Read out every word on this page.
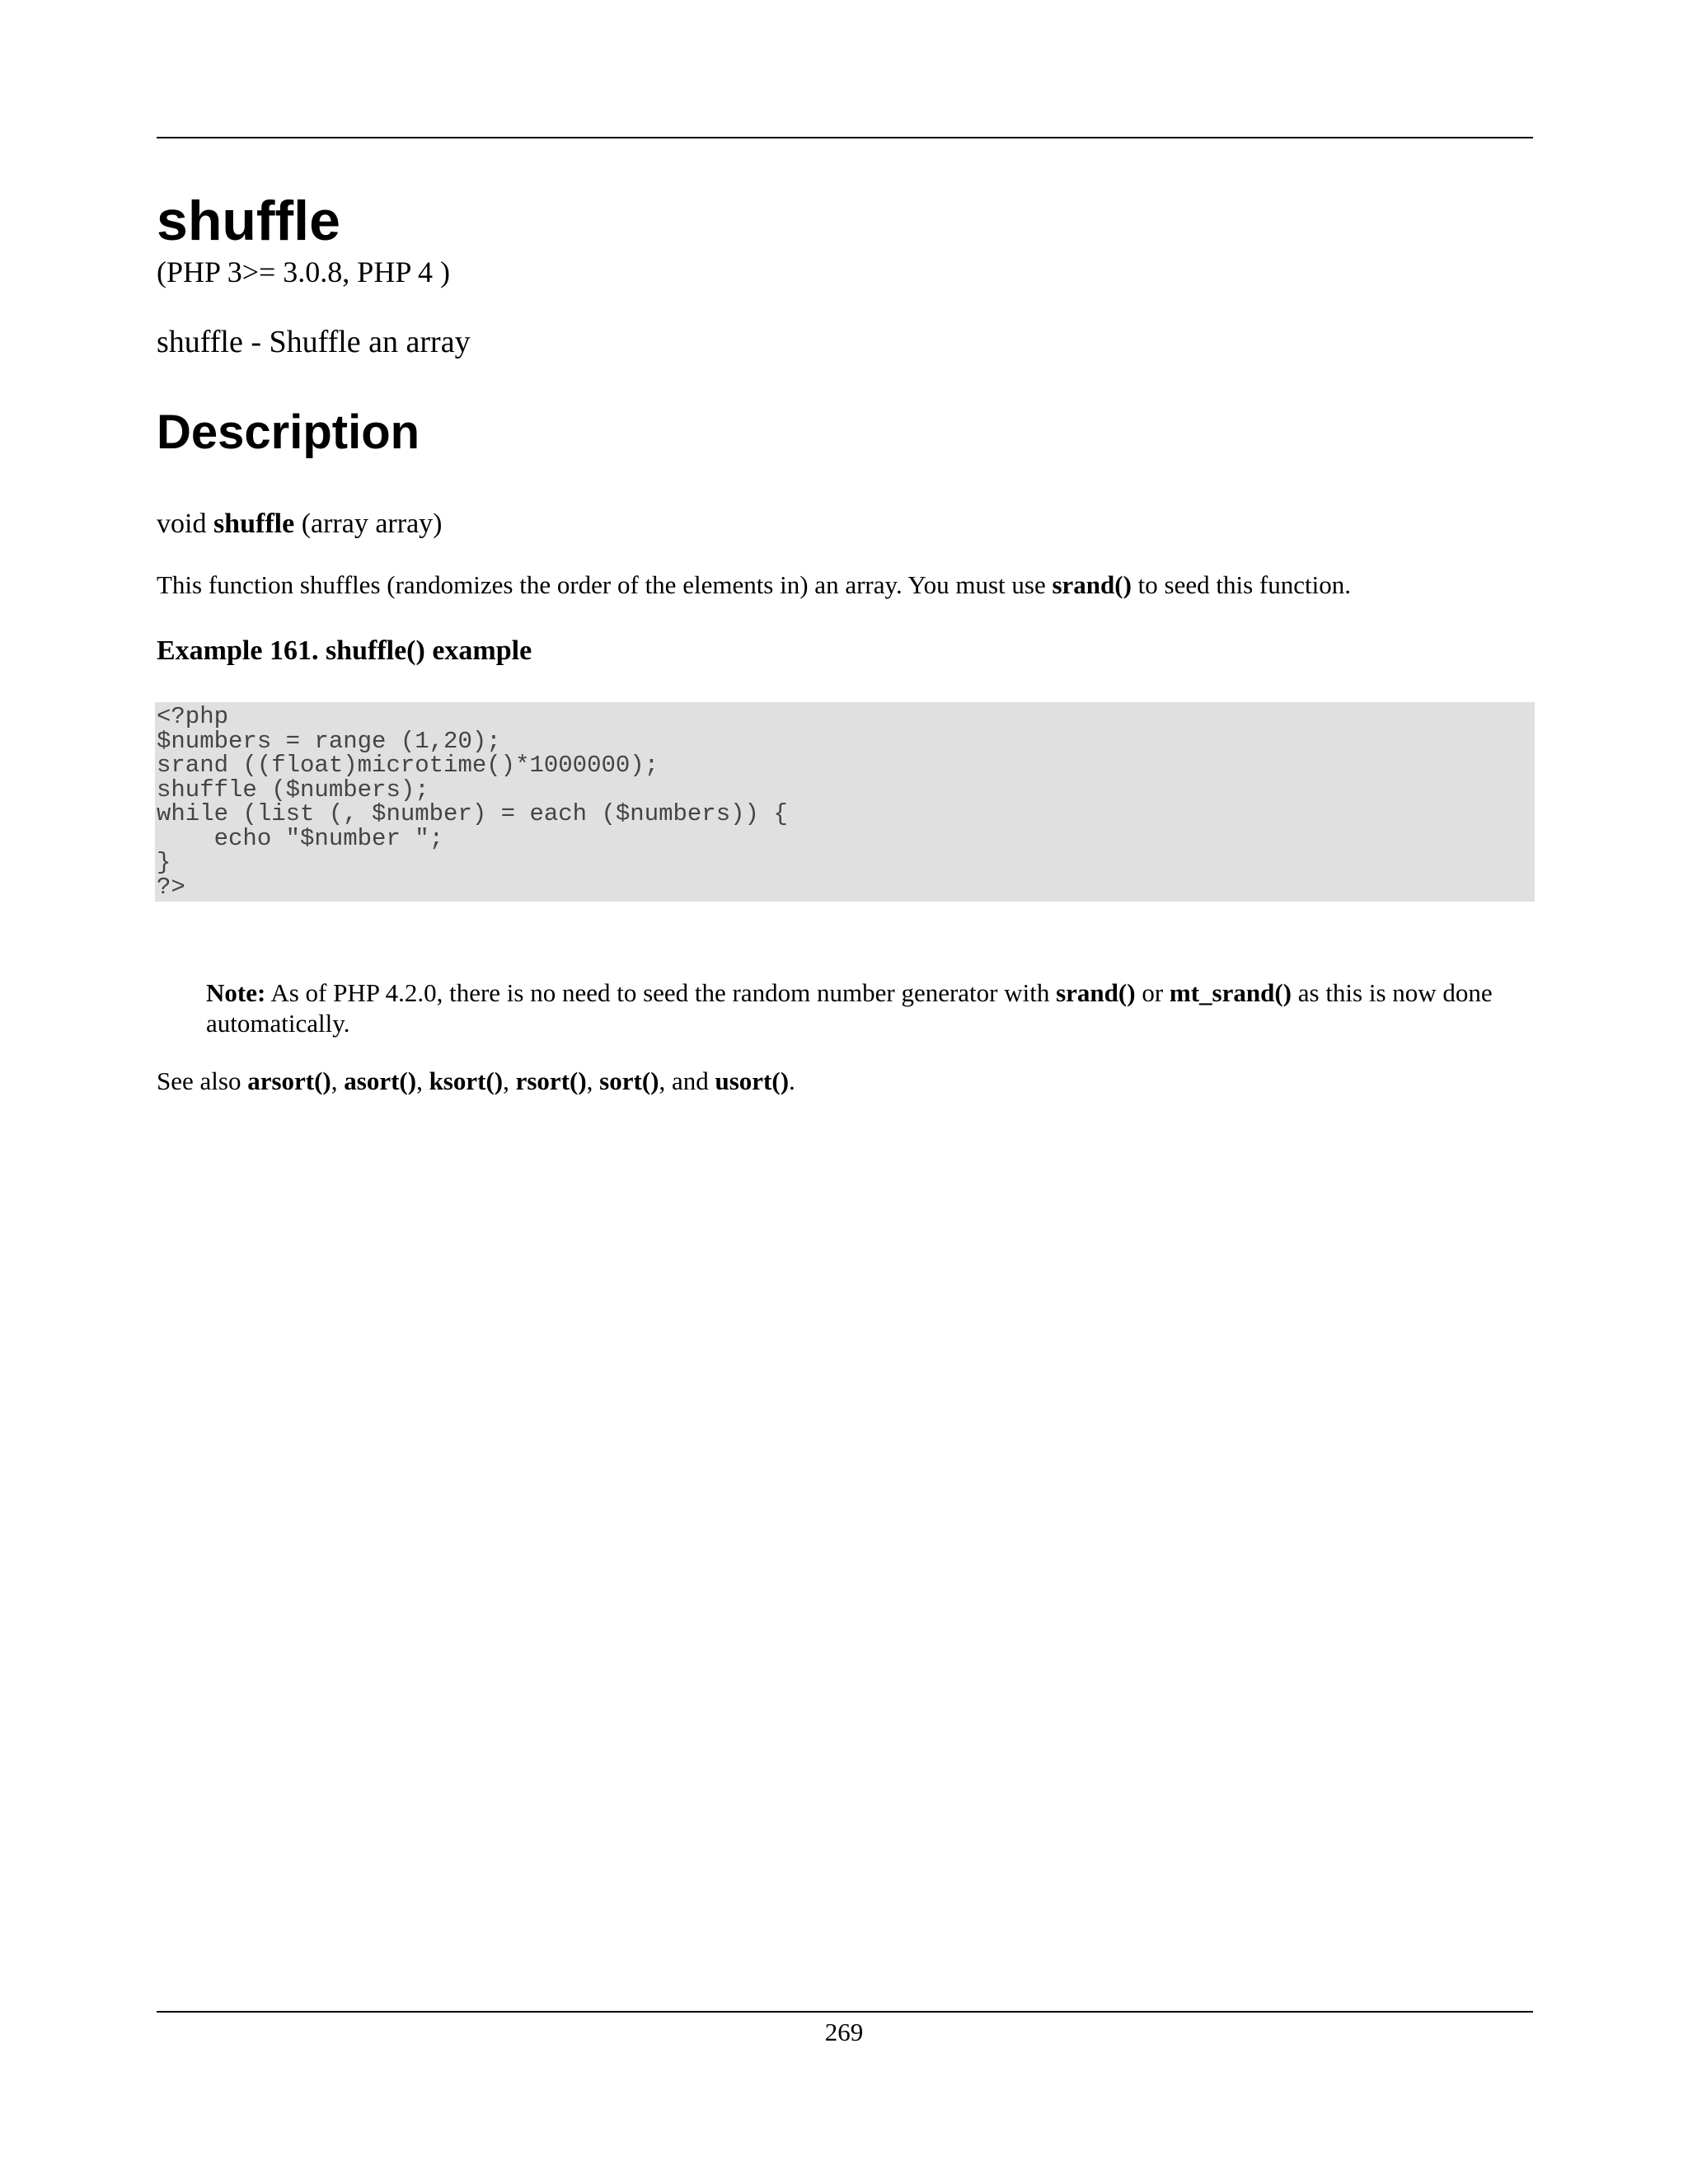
shuffle

(PHP 3>= 3.0.8, PHP 4 )

shuffle - Shuffle an array

Description

void shuffle (array array)

This function shuffles (randomizes the order of the elements in) an array. You must use srand() to seed this function.

Example 161. shuffle() example

<?php
$numbers = range (1,20);
srand ((float)microtime()*1000000);
shuffle ($numbers);
while (list (, $number) = each ($numbers)) {
echo "$number ";
}
?>

Note: As of PHP 4.2.0, there is no need to seed the random number generator with srand() or mt_srand() as this is now done automatically.

See also arsort(), asort(), ksort(), rsort(), sort(), and usort().

269
